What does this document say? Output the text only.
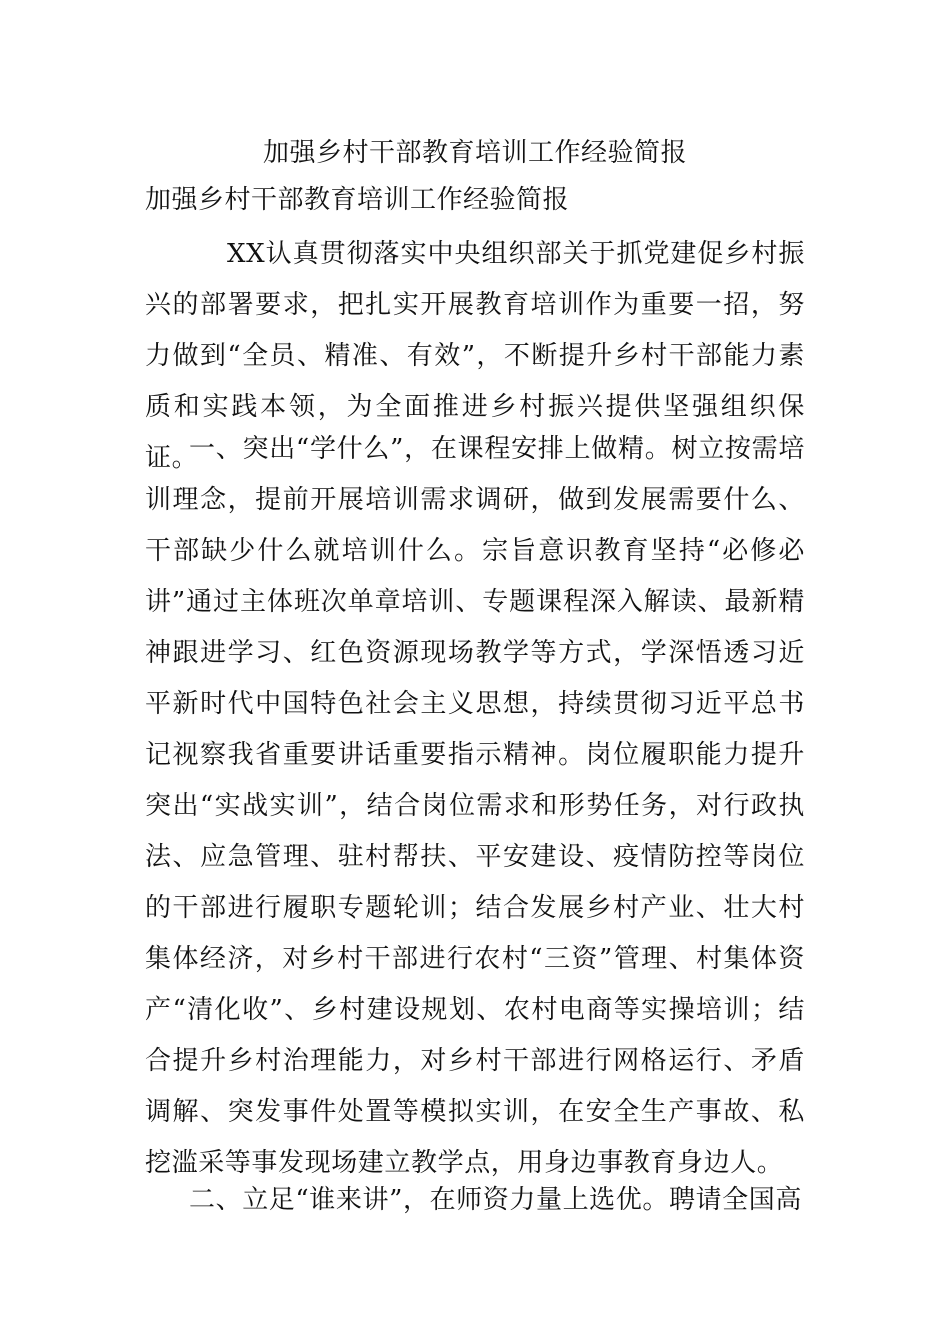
加强乡村干部教育培训工作经验简报
加强乡村干部教育培训工作经验简报

XX认真贯彻落实中央组织部关于抓党建促乡村振兴的部署要求，把扎实开展教育培训作为重要一招，努力做到“全员、精准、有效”，不断提升乡村干部能力素质和实践本领，为全面推进乡村振兴提供坚强组织保证。

一、突出“学什么”，在课程安排上做精。树立按需培训理念，提前开展培训需求调研，做到发展需要什么、干部缺少什么就培训什么。宗旨意识教育坚持“必修必讲”通过主体班次单章培训、专题课程深入解读、最新精神跟进学习、红色资源现场教学等方式，学深悟透习近平新时代中国特色社会主义思想，持续贯彻习近平总书记视察我省重要讲话重要指示精神。岗位履职能力提升突出“实战实训”，结合岗位需求和形势任务，对行政执法、应急管理、驻村帮扶、平安建设、疫情防控等岗位的干部进行履职专题轮训；结合发展乡村产业、壮大村集体经济，对乡村干部进行农村“三资”管理、村集体资产“清化收”、乡村建设规划、农村电商等实操培训；结合提升乡村治理能力，对乡村干部进行网格运行、矛盾调解、突发事件处置等模拟实训，在安全生产事故、私挖滥采等事发现场建立教学点，用身边事教育身边人。

二、立足“谁来讲”，在师资力量上选优。聘请全国高
